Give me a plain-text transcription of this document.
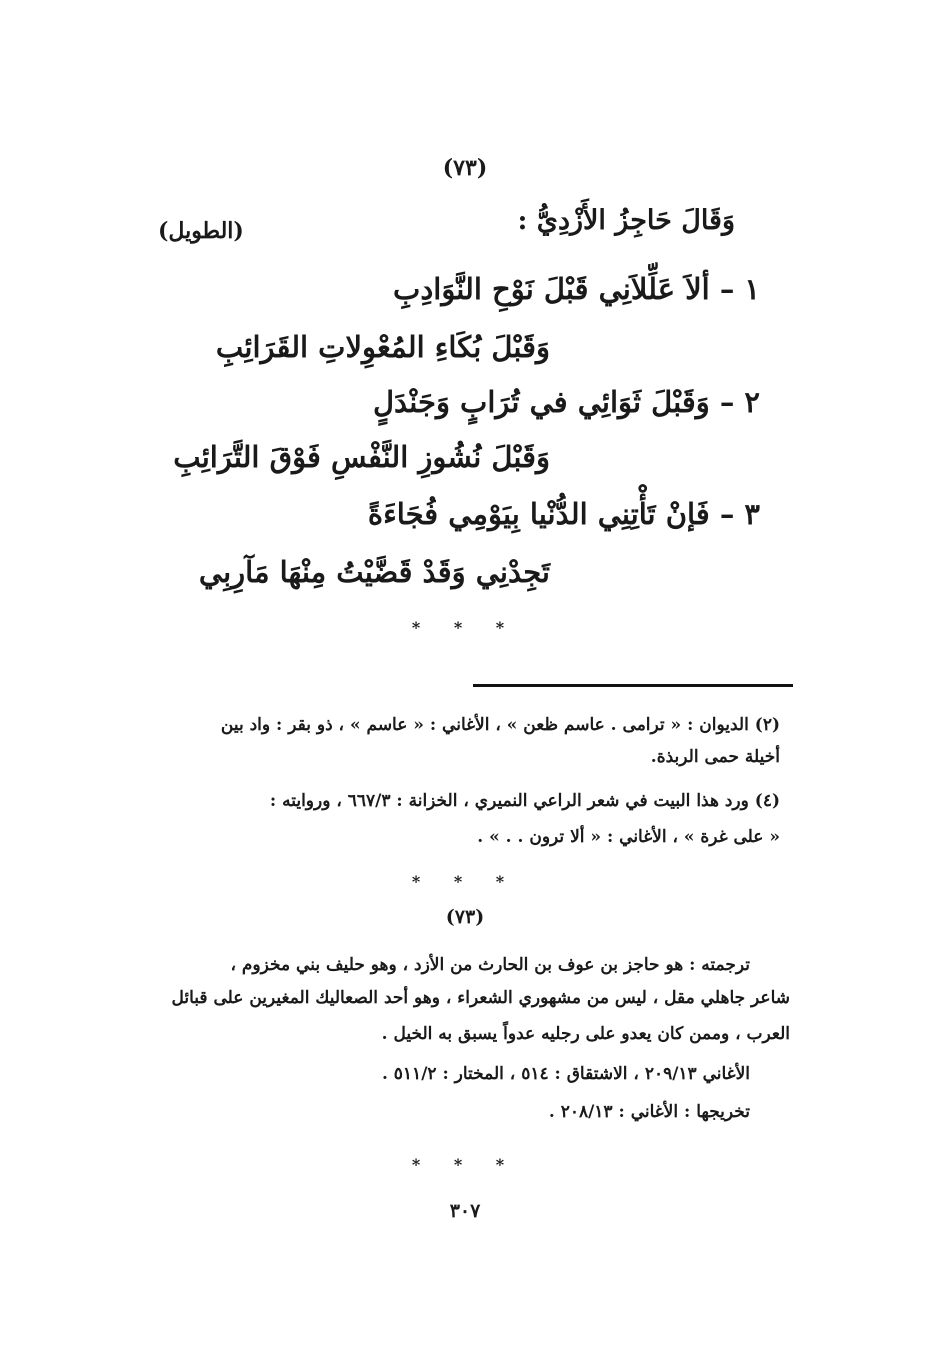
(٧٣)
وَقَالَ حَاجِزُ الأَزْدِيُّ :
(الطويل)
١ – ألاَ عَلِّلاَنِي قَبْلَ نَوْحِ النَّوَادِبِ
وَقَبْلَ بُكَاءِ المُعْوِلاتِ القَرَائِبِ
٢ – وَقَبْلَ ثَوَائِي في تُرَابٍ وَجَنْدَلٍ
وَقَبْلَ نُشُوزِ النَّفْسِ فَوْقَ التَّرَائِبِ
٣ – فَإنْ تَأْتِنِي الدُّنْيا بِيَوْمِي فُجَاءَةً
تَجِدْنِي وَقَدْ قَضَّيْتُ مِنْهَا مَآرِبِي
* * *
(٢) الديوان : « ترامى . عاسم ظعن » ، الأغاني : « عاسم » ، ذو بقر : واد بين
أخيلة حمى الربذة.
(٤) ورد هذا البيت في شعر الراعي النميري ، الخزانة : ٦٦٧/٣ ، وروايته :
« على غرة » ، الأغاني : « ألا ترون . . » .
* * *
(٧٣)
ترجمته : هو حاجز بن عوف بن الحارث من الأزد ، وهو حليف بني مخزوم ،
شاعر جاهلي مقل ، ليس من مشهوري الشعراء ، وهو أحد الصعاليك المغيرين على قبائل
العرب ، وممن كان يعدو على رجليه عدواً يسبق به الخيل .
الأغاني ٢٠٩/١٣ ، الاشتقاق : ٥١٤ ، المختار : ٥١١/٢ .
تخريجها : الأغاني : ٢٠٨/١٣ .
* * *
٣٠٧
